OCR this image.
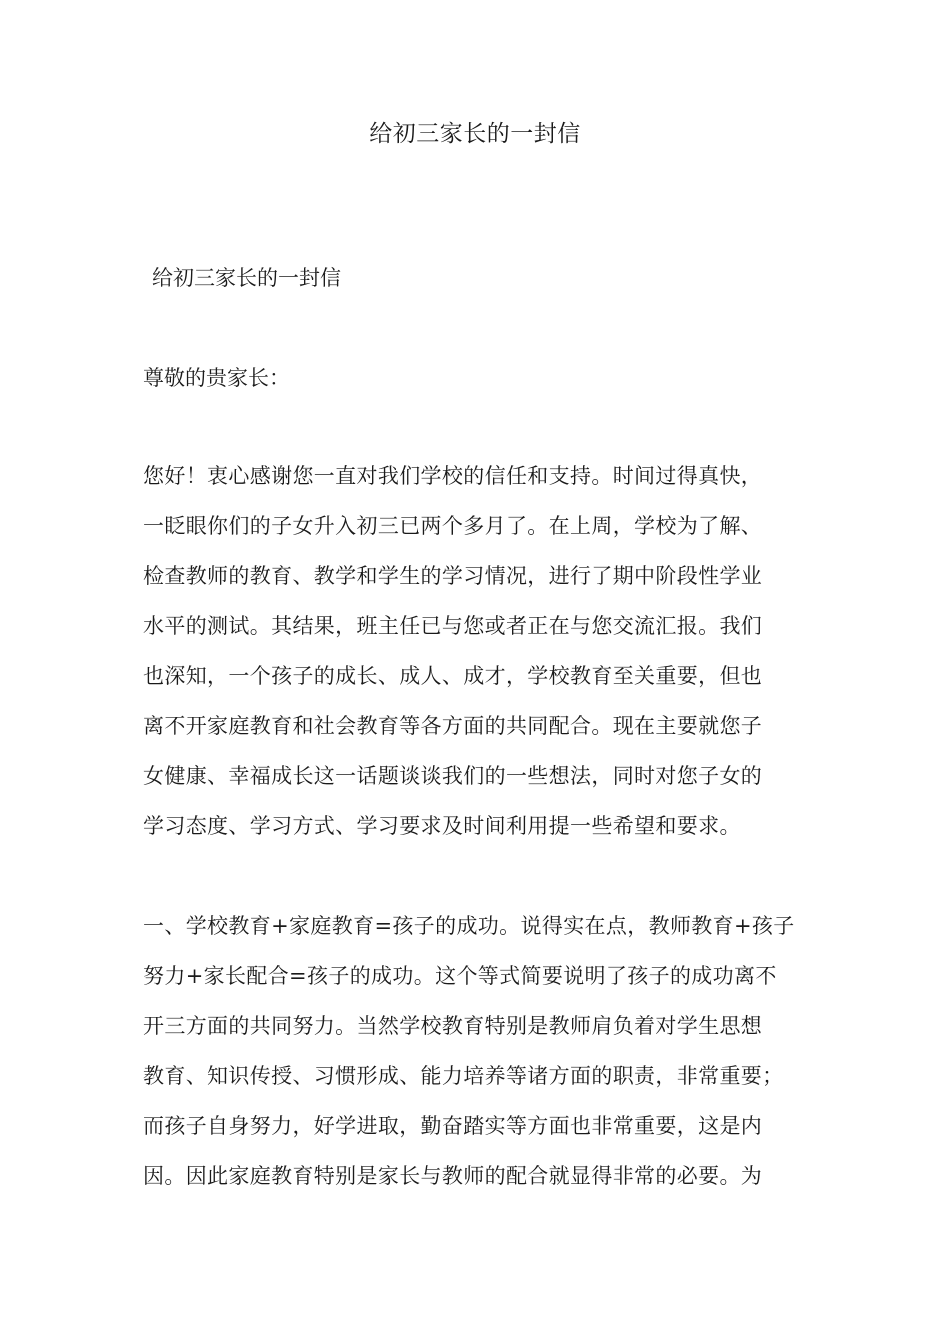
给初三家长的一封信
给初三家长的一封信
尊敬的贵家长：
您好！衷心感谢您一直对我们学校的信任和支持。时间过得真快，
一眨眼你们的子女升入初三已两个多月了。在上周，学校为了解、
检查教师的教育、教学和学生的学习情况，进行了期中阶段性学业
水平的测试。其结果，班主任已与您或者正在与您交流汇报。我们
也深知，一个孩子的成长、成人、成才，学校教育至关重要，但也
离不开家庭教育和社会教育等各方面的共同配合。现在主要就您子
女健康、幸福成长这一话题谈谈我们的一些想法，同时对您子女的
学习态度、学习方式、学习要求及时间利用提一些希望和要求。
一、学校教育+家庭教育=孩子的成功。说得实在点，教师教育+孩子
努力+家长配合=孩子的成功。这个等式简要说明了孩子的成功离不
开三方面的共同努力。当然学校教育特别是教师肩负着对学生思想
教育、知识传授、习惯形成、能力培养等诸方面的职责，非常重要；
而孩子自身努力，好学进取，勤奋踏实等方面也非常重要，这是内
因。因此家庭教育特别是家长与教师的配合就显得非常的必要。为
